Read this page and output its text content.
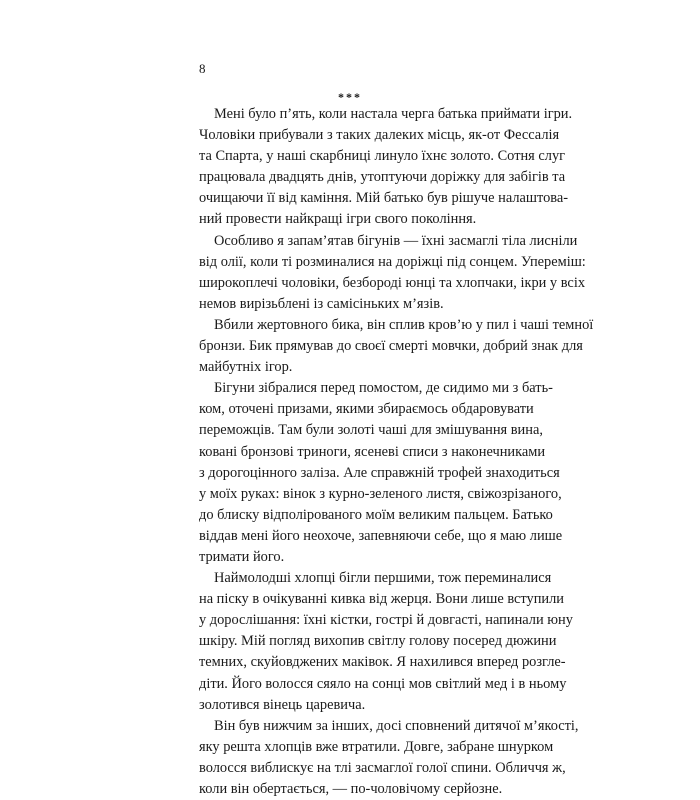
8
***
Мені було п’ять, коли настала черга батька приймати ігри.
Чоловіки прибували з таких далеких місць, як-от Фессалія
та Спарта, у наші скарбниці линуло їхнє золото. Сотня слуг
працювала двадцять днів, утоптуючи доріжку для забігів та
очищаючи її від каміння. Мій батько був рішуче налаштова-
ний провести найкращі ігри свого покоління.
Особливо я запам’ятав бігунів — їхні засмаглі тіла лисніли
від олії, коли ті розминалися на доріжці під сонцем. Упереміш:
широкоплечі чоловіки, безбороді юнці та хлопчаки, ікри у всіх
немов вирізьблені із самісіньких м’язів.
Вбили жертовного бика, він сплив кров’ю у пил і чаші темної
бронзи. Бик прямував до своєї смерті мовчки, добрий знак для
майбутніх ігор.
Бігуни зібралися перед помостом, де сидимо ми з бать-
ком, оточені призами, якими збираємось обдаровувати
переможців. Там були золоті чаші для змішування вина,
ковані бронзові триноги, ясеневі списи з наконечниками
з дорогоцінного заліза. Але справжній трофей знаходиться
у моїх руках: вінок з курно-зеленого листя, свіжозрізаного,
до блиску відполірованого моїм великим пальцем. Батько
віддав мені його неохоче, запевняючи себе, що я маю лише
тримати його.
Наймолодші хлопці бігли першими, тож переминалися
на піску в очікуванні кивка від жерця. Вони лише вступили
у дорослішання: їхні кістки, гострі й довгасті, напинали юну
шкіру. Мій погляд вихопив світлу голову посеред дюжини
темних, скуйовджених маківок. Я нахилився вперед розгле-
діти. Його волосся сяяло на сонці мов світлий мед і в ньому
золотився вінець царевича.
Він був нижчим за інших, досі сповнений дитячої м’якості,
яку решта хлопців вже втратили. Довге, забране шнурком
волосся виблискує на тлі засмаглої голої спини. Обличчя ж,
коли він обертається, — по-чоловічому серйозне.
